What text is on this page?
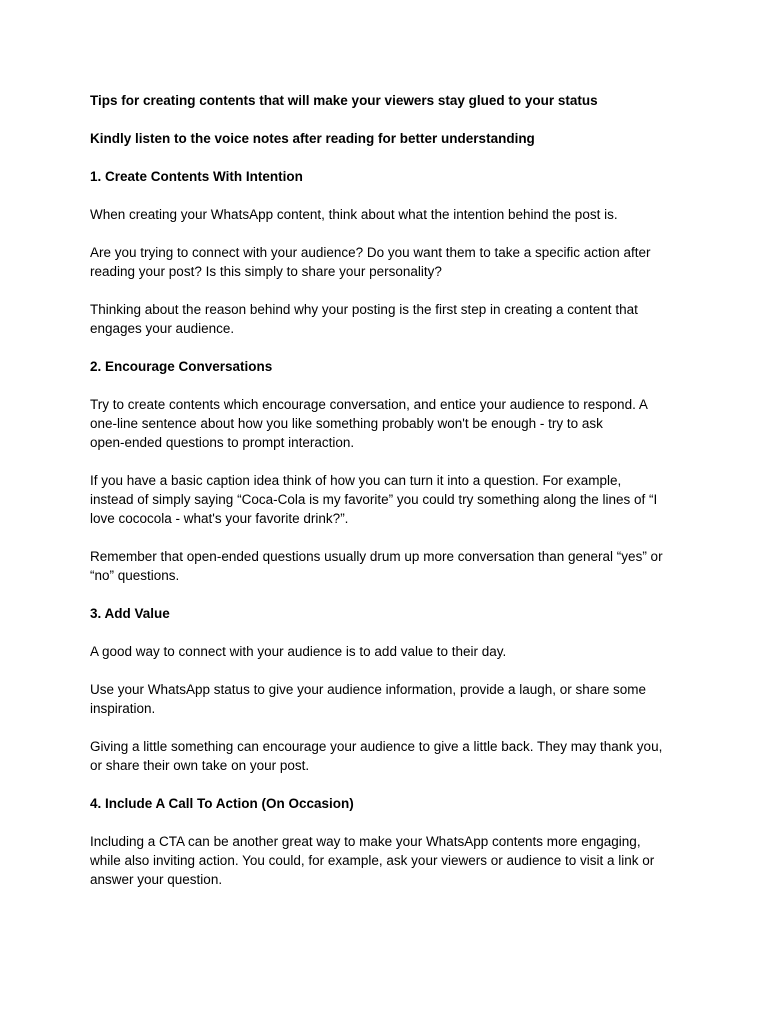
Tips for creating contents that will make your viewers stay glued to your status

Kindly listen to the voice notes after reading for better understanding

1. Create Contents With Intention

When creating your WhatsApp content, think about what the intention behind the post is.

Are you trying to connect with your audience? Do you want them to take a specific action after

reading your post? Is this simply to share your personality?

Thinking about the reason behind why your posting is the first step in creating a content that

engages your audience.

2. Encourage Conversations

Try to create contents which encourage conversation, and entice your audience to respond. A

one-line sentence about how you like something probably won't be enough - try to ask

open-ended questions to prompt interaction.

If you have a basic caption idea think of how you can turn it into a question. For example,

instead of simply saying “Coca-Cola is my favorite” you could try something along the lines of “I

love cococola - what's your favorite drink?”.

Remember that open-ended questions usually drum up more conversation than general “yes” or

“no” questions.

3. Add Value

A good way to connect with your audience is to add value to their day.

Use your WhatsApp status to give your audience information, provide a laugh, or share some

inspiration.

Giving a little something can encourage your audience to give a little back. They may thank you,

or share their own take on your post.

4. Include A Call To Action (On Occasion)

Including a CTA can be another great way to make your WhatsApp contents more engaging,

while also inviting action. You could, for example, ask your viewers or audience to visit a link or

answer your question.
